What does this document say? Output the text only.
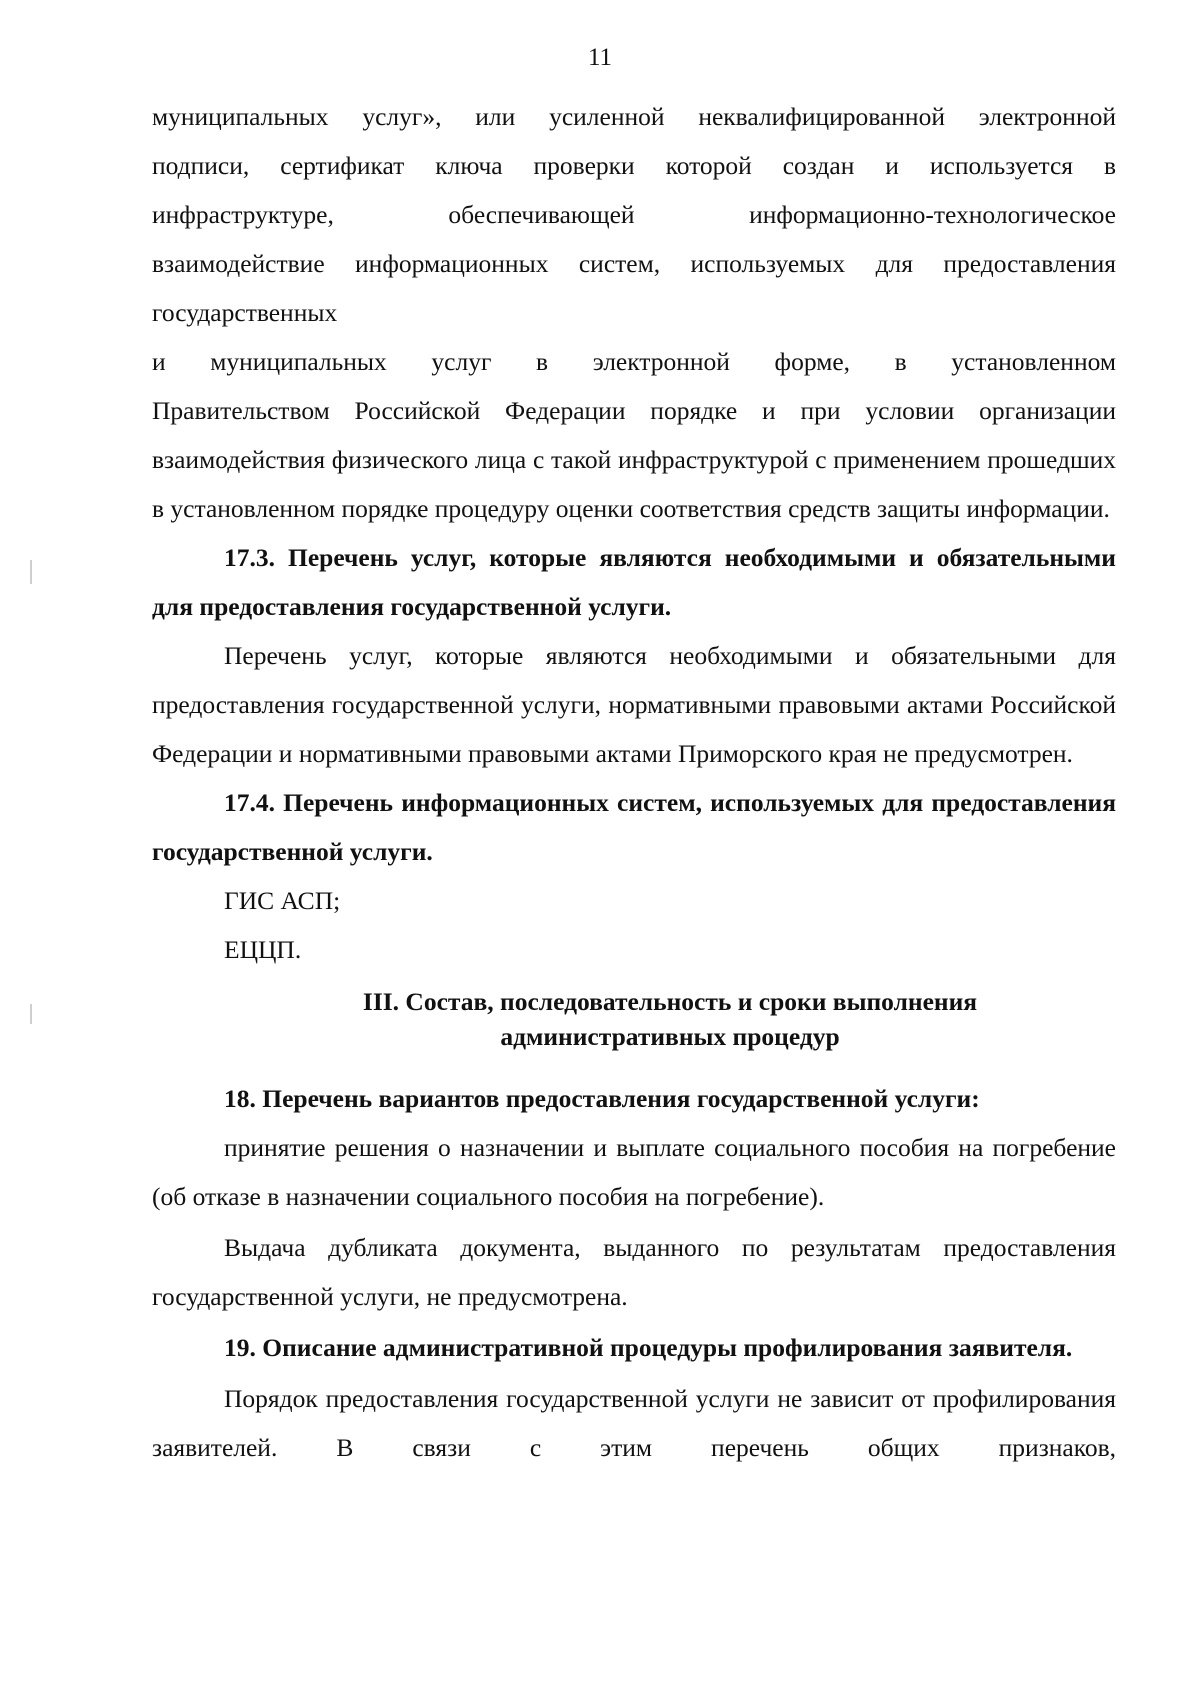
11

муниципальных услуг», или усиленной неквалифицированной электронной

подписи, сертификат ключа проверки которой создан и используется в

инфраструктуре, обеспечивающей информационно-технологическое

взаимодействие информационных систем, используемых для предоставления

государственных

и муниципальных услуг в электронной форме, в установленном

Правительством Российской Федерации порядке и при условии организации взаимодействия физического лица с такой инфраструктурой с применением прошедших в установленном порядке процедуру оценки соответствия средств защиты информации.

17.3. Перечень услуг, которые являются необходимыми и обязательными для предоставления государственной услуги.

Перечень услуг, которые являются необходимыми и обязательными для предоставления государственной услуги, нормативными правовыми актами Российской Федерации и нормативными правовыми актами Приморского края не предусмотрен.

17.4. Перечень информационных систем, используемых для предоставления государственной услуги.

ГИС АСП;

ЕЦЦП.

III. Состав, последовательность и сроки выполнения
административных процедур

18. Перечень вариантов предоставления государственной услуги:

принятие решения о назначении и выплате социального пособия на погребение (об отказе в назначении социального пособия на погребение).

Выдача дубликата документа, выданного по результатам предоставления государственной услуги, не предусмотрена.

19. Описание административной процедуры профилирования заявителя.

Порядок предоставления государственной услуги не зависит от профилирования заявителей. В связи с этим перечень общих признаков,
